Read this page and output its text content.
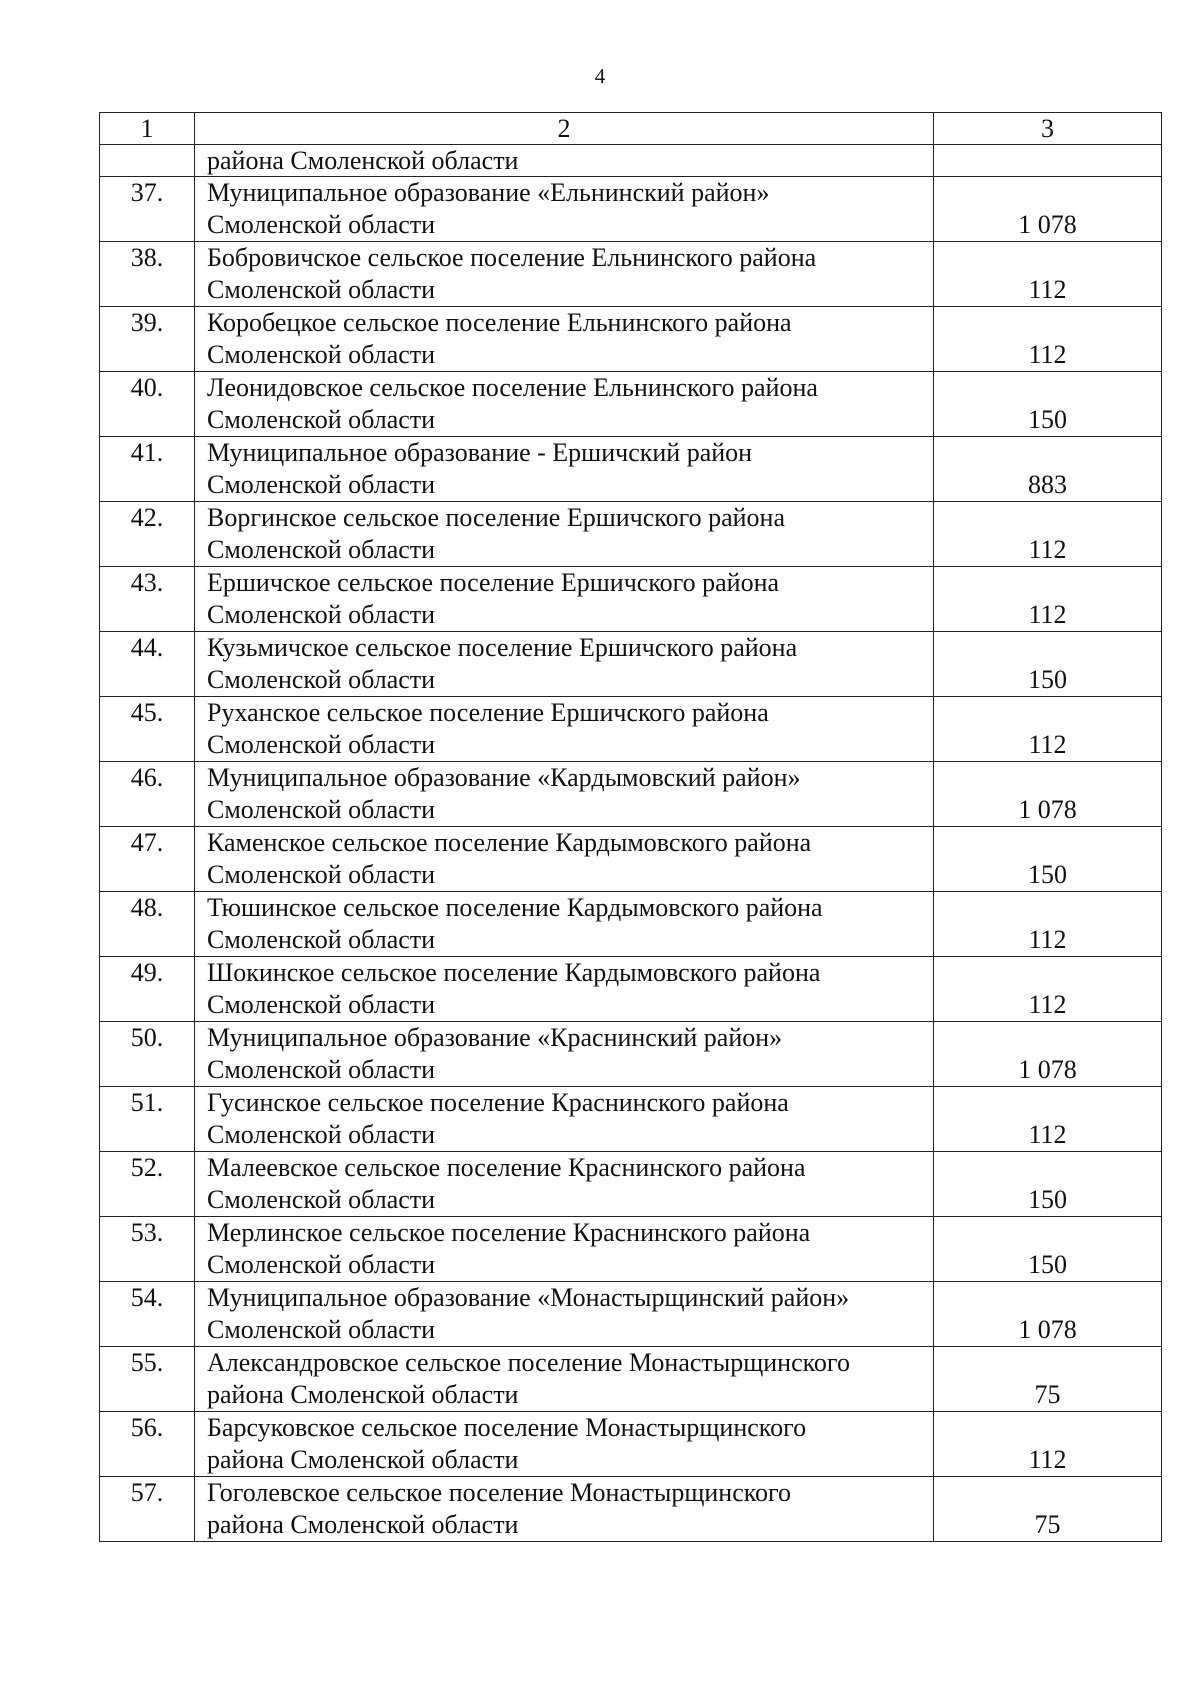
4
1	2	3

	района Смоленской области	

37.	Муниципальное образование «Ельнинский район»
Смоленской области	1 078
38.	Бобровичское сельское поселение Ельнинского района
Смоленской области	112
39.	Коробецкое сельское поселение Ельнинского района
Смоленской области	112
40.	Леонидовское сельское поселение Ельнинского района
Смоленской области	150
41.	Муниципальное образование - Ершичский район
Смоленской области	883
42.	Воргинское сельское поселение Ершичского района
Смоленской области	112
43.	Ершичское сельское поселение Ершичского района
Смоленской области	112
44.	Кузьмичское сельское поселение Ершичского района
Смоленской области	150
45.	Руханское сельское поселение Ершичского района
Смоленской области	112
46.	Муниципальное образование «Кардымовский район»
Смоленской области	1 078
47.	Каменское сельское поселение Кардымовского района
Смоленской области	150
48.	Тюшинское сельское поселение Кардымовского района
Смоленской области	112
49.	Шокинское сельское поселение Кардымовского района
Смоленской области	112
50.	Муниципальное образование «Краснинский район»
Смоленской области	1 078
51.	Гусинское сельское поселение Краснинского района
Смоленской области	112
52.	Малеевское сельское поселение Краснинского района
Смоленской области	150
53.	Мерлинское сельское поселение Краснинского района
Смоленской области	150
54.	Муниципальное образование «Монастырщинский район»
Смоленской области	1 078
55.	Александровское сельское поселение Монастырщинского
района Смоленской области	75
56.	Барсуковское сельское поселение Монастырщинского
района Смоленской области	112
57.	Гоголевское сельское поселение Монастырщинского
района Смоленской области	75
